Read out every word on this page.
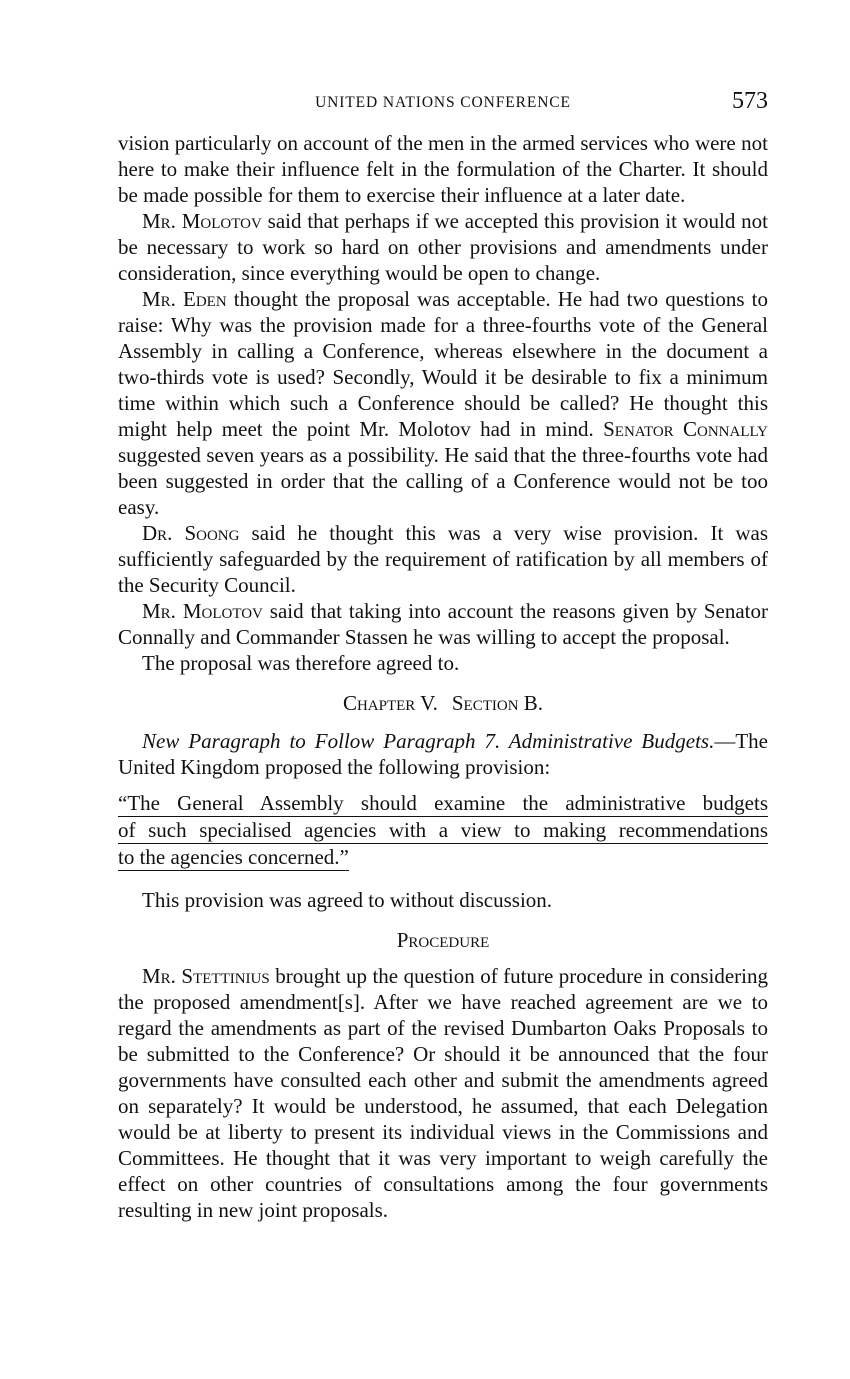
UNITED NATIONS CONFERENCE	573

vision particularly on account of the men in the armed services who were not here to make their influence felt in the formulation of the Charter. It should be made possible for them to exercise their influence at a later date.

Mr. Molotov said that perhaps if we accepted this provision it would not be necessary to work so hard on other provisions and amendments under consideration, since everything would be open to change.

Mr. Eden thought the proposal was acceptable. He had two questions to raise: Why was the provision made for a three-fourths vote of the General Assembly in calling a Conference, whereas elsewhere in the document a two-thirds vote is used? Secondly, Would it be desirable to fix a minimum time within which such a Conference should be called? He thought this might help meet the point Mr. Molotov had in mind. Senator Connally suggested seven years as a possibility. He said that the three-fourths vote had been suggested in order that the calling of a Conference would not be too easy.

Dr. Soong said he thought this was a very wise provision. It was sufficiently safeguarded by the requirement of ratification by all members of the Security Council.

Mr. Molotov said that taking into account the reasons given by Senator Connally and Commander Stassen he was willing to accept the proposal.

The proposal was therefore agreed to.

Chapter V. Section B.

New Paragraph to Follow Paragraph 7. Administrative Budgets.—The United Kingdom proposed the following provision:

“The General Assembly should examine the administrative budgets
of such specialised agencies with a view to making recommendations
to the agencies concerned.”

This provision was agreed to without discussion.

Procedure

Mr. Stettinius brought up the question of future procedure in considering the proposed amendment[s]. After we have reached agreement are we to regard the amendments as part of the revised Dumbarton Oaks Proposals to be submitted to the Conference? Or should it be announced that the four governments have consulted each other and submit the amendments agreed on separately? It would be understood, he assumed, that each Delegation would be at liberty to present its individual views in the Commissions and Committees. He thought that it was very important to weigh carefully the effect on other countries of consultations among the four governments resulting in new joint proposals.
